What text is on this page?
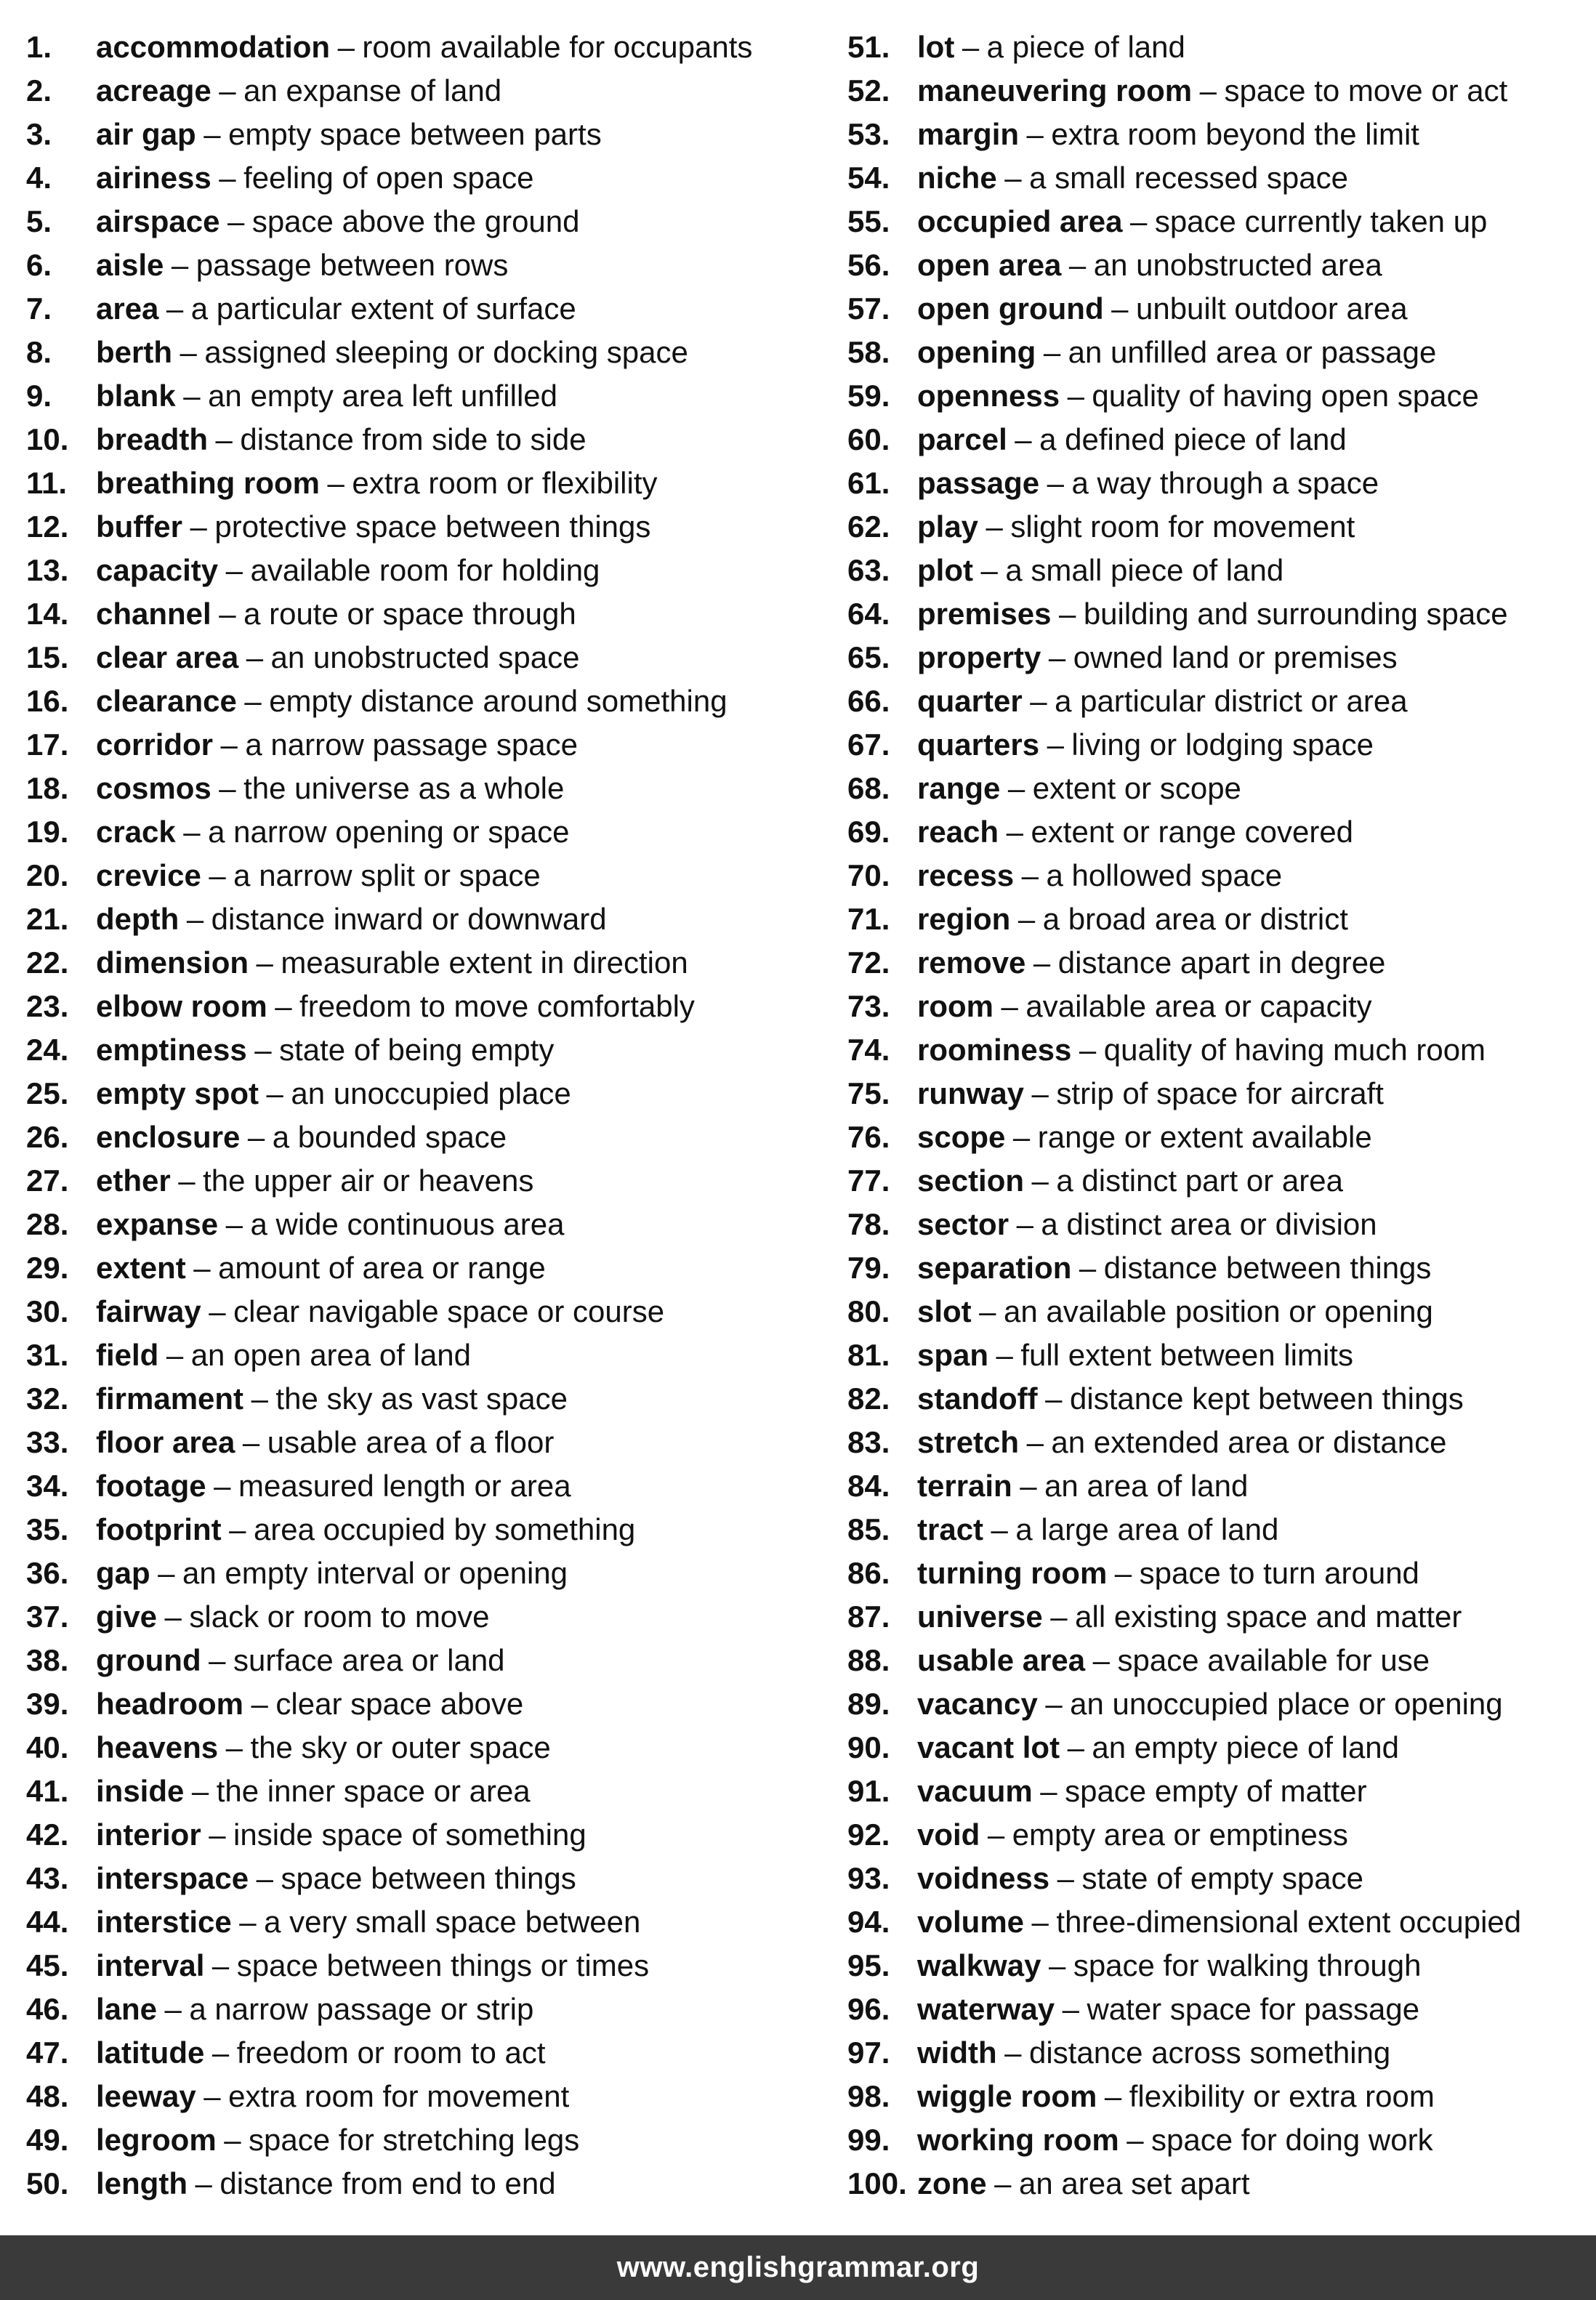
1.	accommodation – room available for occupants
2.	acreage – an expanse of land
3.	air gap – empty space between parts
4.	airiness – feeling of open space
5.	airspace – space above the ground
6.	aisle – passage between rows
7.	area – a particular extent of surface
8.	berth – assigned sleeping or docking space
9.	blank – an empty area left unfilled
10. breadth – distance from side to side
11. breathing room – extra room or flexibility
12. buffer – protective space between things
13. capacity – available room for holding
14. channel – a route or space through
15. clear area – an unobstructed space
16. clearance – empty distance around something
17. corridor – a narrow passage space
18. cosmos – the universe as a whole
19. crack – a narrow opening or space
20. crevice – a narrow split or space
21. depth – distance inward or downward
22. dimension – measurable extent in direction
23. elbow room – freedom to move comfortably
24. emptiness – state of being empty
25. empty spot – an unoccupied place
26. enclosure – a bounded space
27. ether – the upper air or heavens
28. expanse – a wide continuous area
29. extent – amount of area or range
30. fairway – clear navigable space or course
31. field – an open area of land
32. firmament – the sky as vast space
33. floor area – usable area of a floor
34. footage – measured length or area
35. footprint – area occupied by something
36. gap – an empty interval or opening
37. give – slack or room to move
38. ground – surface area or land
39. headroom – clear space above
40. heavens – the sky or outer space
41. inside – the inner space or area
42. interior – inside space of something
43. interspace – space between things
44. interstice – a very small space between
45. interval – space between things or times
46. lane – a narrow passage or strip
47. latitude – freedom or room to act
48. leeway – extra room for movement
49. legroom – space for stretching legs
50. length – distance from end to end
51. lot – a piece of land
52. maneuvering room – space to move or act
53. margin – extra room beyond the limit
54. niche – a small recessed space
55. occupied area – space currently taken up
56. open area – an unobstructed area
57. open ground – unbuilt outdoor area
58. opening – an unfilled area or passage
59. openness – quality of having open space
60. parcel – a defined piece of land
61. passage – a way through a space
62. play – slight room for movement
63. plot – a small piece of land
64. premises – building and surrounding space
65. property – owned land or premises
66. quarter – a particular district or area
67. quarters – living or lodging space
68. range – extent or scope
69. reach – extent or range covered
70. recess – a hollowed space
71. region – a broad area or district
72. remove – distance apart in degree
73. room – available area or capacity
74. roominess – quality of having much room
75. runway – strip of space for aircraft
76. scope – range or extent available
77. section – a distinct part or area
78. sector – a distinct area or division
79. separation – distance between things
80. slot – an available position or opening
81. span – full extent between limits
82. standoff – distance kept between things
83. stretch – an extended area or distance
84. terrain – an area of land
85. tract – a large area of land
86. turning room – space to turn around
87. universe – all existing space and matter
88. usable area – space available for use
89. vacancy – an unoccupied place or opening
90. vacant lot – an empty piece of land
91. vacuum – space empty of matter
92. void – empty area or emptiness
93. voidness – state of empty space
94. volume – three-dimensional extent occupied
95. walkway – space for walking through
96. waterway – water space for passage
97. width – distance across something
98. wiggle room – flexibility or extra room
99. working room – space for doing work
100. zone – an area set apart
www.englishgrammar.org
